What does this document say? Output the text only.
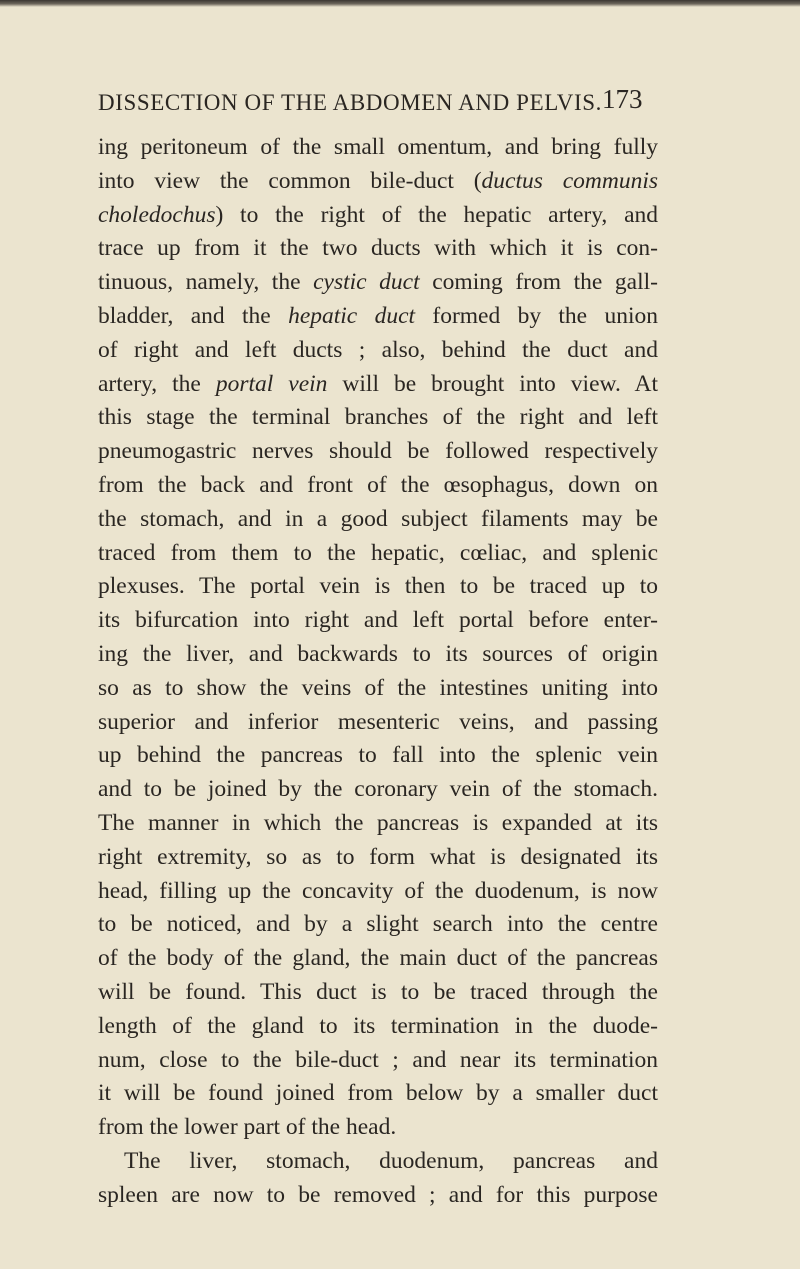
DISSECTION OF THE ABDOMEN AND PELVIS. 173
ing peritoneum of the small omentum, and bring fully
into view the common bile-duct (ductus communis
choledochus) to the right of the hepatic artery, and
trace up from it the two ducts with which it is con-
tinuous, namely, the cystic duct coming from the gall-
bladder, and the hepatic duct formed by the union
of right and left ducts ; also, behind the duct and
artery, the portal vein will be brought into view. At
this stage the terminal branches of the right and left
pneumogastric nerves should be followed respectively
from the back and front of the œsophagus, down on
the stomach, and in a good subject filaments may be
traced from them to the hepatic, cœliac, and splenic
plexuses. The portal vein is then to be traced up to
its bifurcation into right and left portal before enter-
ing the liver, and backwards to its sources of origin
so as to show the veins of the intestines uniting into
superior and inferior mesenteric veins, and passing
up behind the pancreas to fall into the splenic vein
and to be joined by the coronary vein of the stomach.
The manner in which the pancreas is expanded at its
right extremity, so as to form what is designated its
head, filling up the concavity of the duodenum, is now
to be noticed, and by a slight search into the centre
of the body of the gland, the main duct of the pancreas
will be found. This duct is to be traced through the
length of the gland to its termination in the duode-
num, close to the bile-duct ; and near its termination
it will be found joined from below by a smaller duct
from the lower part of the head.
The liver, stomach, duodenum, pancreas and
spleen are now to be removed ; and for this purpose
